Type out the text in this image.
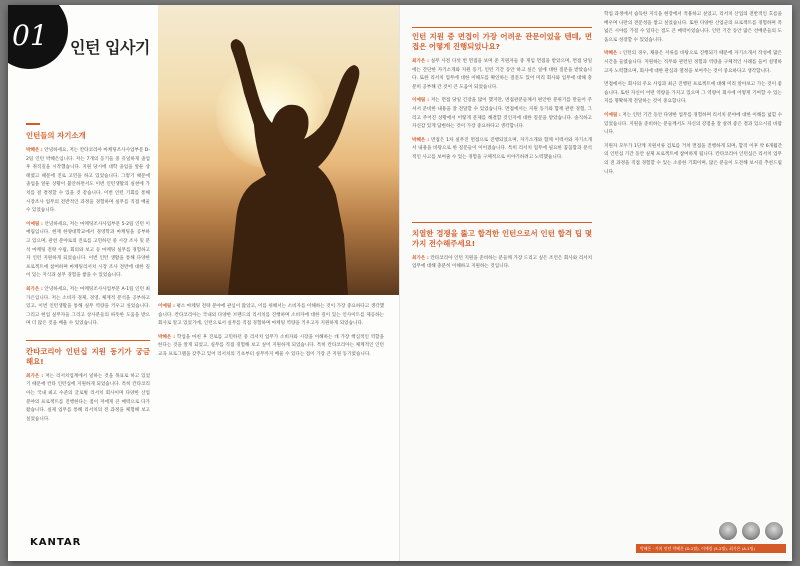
01 인턴 입사기
인턴들의 자기소개

박혜은 : 안녕하세요, 저는 칸타코리아 마케팅조사사업부문 D-2팀 인턴 박혜은입니다. 저는 7개의 동기들 중 유일하게 졸업 후 취직길을 시작했습니다. 지원 당시에 대학 졸업을 앞둔 상태였고 때문에 진로 고민을 하고 있었습니다. 그렇기 때문에 졸업을 앞둔 상황이 불안하면서도 이번 인턴생활의 실천에 가치를 걸 결정할 수 있을 것 같습니다. 이번 인턴 기회를 통해 시장조사 업무의 전반적인 과정을 경험하며 실무를 직접 배울 수 있었습니다.

이예림 : 안녕하세요, 저는 마케팅조사사업부문 5-2팀 인턴 이예림입니다. 현재 한양대학교에서 경영학과 마케팅을 공부하고 있으며, 관련 분야로의 진로를 고민하던 중 시장 조사 및 분석 마케팅 전략 수립, 회의와 보고 등 마케팅 실무를 경험하고자 인턴 지원하게 되었습니다. 이번 인턴 생활을 통해 다양한 프로젝트에 참여하며 마케팅리서치 시장 조사 전반에 대한 깊이 있는 지식과 실무 경험을 쌓을 수 있었습니다.

최가은 : 안녕하세요, 저는 마케팅조사사업부문 A-1팀 인턴 최가은입니다. 저는 소비자 경제, 경영, 체계적 분석을 공부하고 있고, 이번 인턴생활을 통해 실무 역량을 키우고 싶었습니다. 그리고 현업 실무자들 그리고 상사분들의 따뜻한 도움을 받으며 더 많은 것을 배울 수 있었습니다.

칸타코리아 인턴십 지원 동기가 궁금해요!

최가은 : 저는 리서치업계에서 일하는 것을 목표로 하고 있었기 때문에 칸타 인턴십에 지원하게 되었습니다. 특히 칸타코리아는 국내 최고 수준의 글로벌 리서치 회사이며 다양한 산업 분야의 프로젝트를 진행한다는 점이 저에게 큰 매력으로 다가왔습니다. 실제 업무를 통해 리서치의 전 과정을 체험해 보고 싶었습니다.

이예림 : 평소 마케팅 전략 분야에 관심이 많았고, 이를 위해서는 소비자를 이해하는 것이 가장 중요하다고 생각했습니다. 칸타코리아는 국내외 다양한 브랜드의 리서치를 진행하며 소비자에 대한 깊이 있는 인사이트를 제공하는 회사로 알고 있었기에, 인턴으로서 실무를 직접 경험하며 마케팅 역량을 키우고자 지원하게 되었습니다.

박혜은 : 학업을 마친 후 진로를 고민하던 중 리서치 업무가 소비자와 시장을 이해하는 데 가장 핵심적인 역할을 한다는 것을 알게 되었고, 실무를 직접 경험해 보고 싶어 지원하게 되었습니다. 특히 칸타코리아는 체계적인 인턴 교육 프로그램을 갖추고 있어 리서치의 기초부터 실무까지 배울 수 있다는 점이 가장 큰 지원 동기였습니다.

KANTAR
인턴 지원 중 면접이 가장 어려운 관문이었을 텐데, 면접은 어떻게 진행되었나요?

최가은 : 실무 사전 다섯 번 면접을 보며 준 지원자들 중 게임 면접을 받았으며, 면접 당일에는 간단한 자기소개와 지원 동기, 인턴 기간 동안 하고 싶은 일에 대한 질문을 받았습니다. 또한 리서치 업무에 대한 이해도를 확인하는 질문도 있어 미리 회사와 업무에 대해 충분히 공부해 간 것이 큰 도움이 되었습니다.

이예림 : 저는 면접 당일 긴장을 많이 했지만, 면접관분들께서 편안한 분위기를 만들어 주셔서 준비한 내용을 잘 전달할 수 있었습니다. 면접에서는 지원 동기와 함께 관련 경험, 그리고 주어진 상황에서 어떻게 문제를 해결할 것인지에 대한 질문을 받았습니다. 솔직하고 자신감 있게 답변하는 것이 가장 중요하다고 생각합니다.

박혜은 : 면접은 1차 실무진 면접으로 진행되었으며, 자기소개와 함께 이력서와 자기소개서 내용을 바탕으로 한 질문들이 이어졌습니다. 특히 리서치 업무에 필요한 꼼꼼함과 분석적인 사고를 보여줄 수 있는 경험을 구체적으로 이야기하려고 노력했습니다.

치열한 경쟁을 뚫고 합격한 인턴으로서 인턴 합격 팁 몇 가지 전수해주세요!

최가은 : 칸타코리아 인턴 지원을 준비하는 분들께 가장 드리고 싶은 조언은 회사와 리서치 업무에 대해 충분히 이해하고 지원하는 것입니다.

학업 과정에서 습득한 지식을 현장에서 적용하고 싶었고, 리서치 산업의 전반적인 흐름을 배우며 나만의 전문성을 쌓고 싶었습니다. 또한 다양한 산업군의 프로젝트를 경험하며 폭넓은 시야를 가질 수 있다는 점도 큰 매력이었습니다. 인턴 기간 동안 많은 선배분들의 도움으로 성장할 수 있었습니다.

박혜은 : 인턴의 경우, 채용은 서류를 바탕으로 진행되기 때문에 자기소개서 작성에 많은 시간을 들였습니다. 지원하는 직무와 관련된 경험과 역량을 구체적인 사례를 들어 설명하고자 노력했으며, 회사에 대한 관심과 열정을 보여주는 것이 중요하다고 생각합니다.

면접에서는 회사의 주요 사업과 최근 진행된 프로젝트에 대해 미리 알아보고 가는 것이 좋습니다. 또한 자신이 어떤 역량을 가지고 있으며 그 역량이 회사에 어떻게 기여할 수 있는지를 명확하게 전달하는 것이 중요합니다.

이예림 : 저는 인턴 기간 동안 다양한 업무를 경험하며 리서치 분야에 대한 이해를 넓힐 수 있었습니다. 지원을 준비하는 분들께서도 자신의 강점을 잘 살려 좋은 결과 있으시길 바랍니다.

지원자 모두가 1단계 지원서류 검토를 거쳐 면접을 진행하게 되며, 합격 이후 약 6개월간의 인턴십 기간 동안 실제 프로젝트에 참여하게 됩니다. 칸타코리아 인턴십은 리서치 업무의 전 과정을 직접 경험할 수 있는 소중한 기회이며, 많은 분들이 도전해 보시길 추천드립니다.

박혜은 · 가치 인턴 박혜은 (D-2팀), 이예림 (5-2팀), 최가은 (A-1팀)
